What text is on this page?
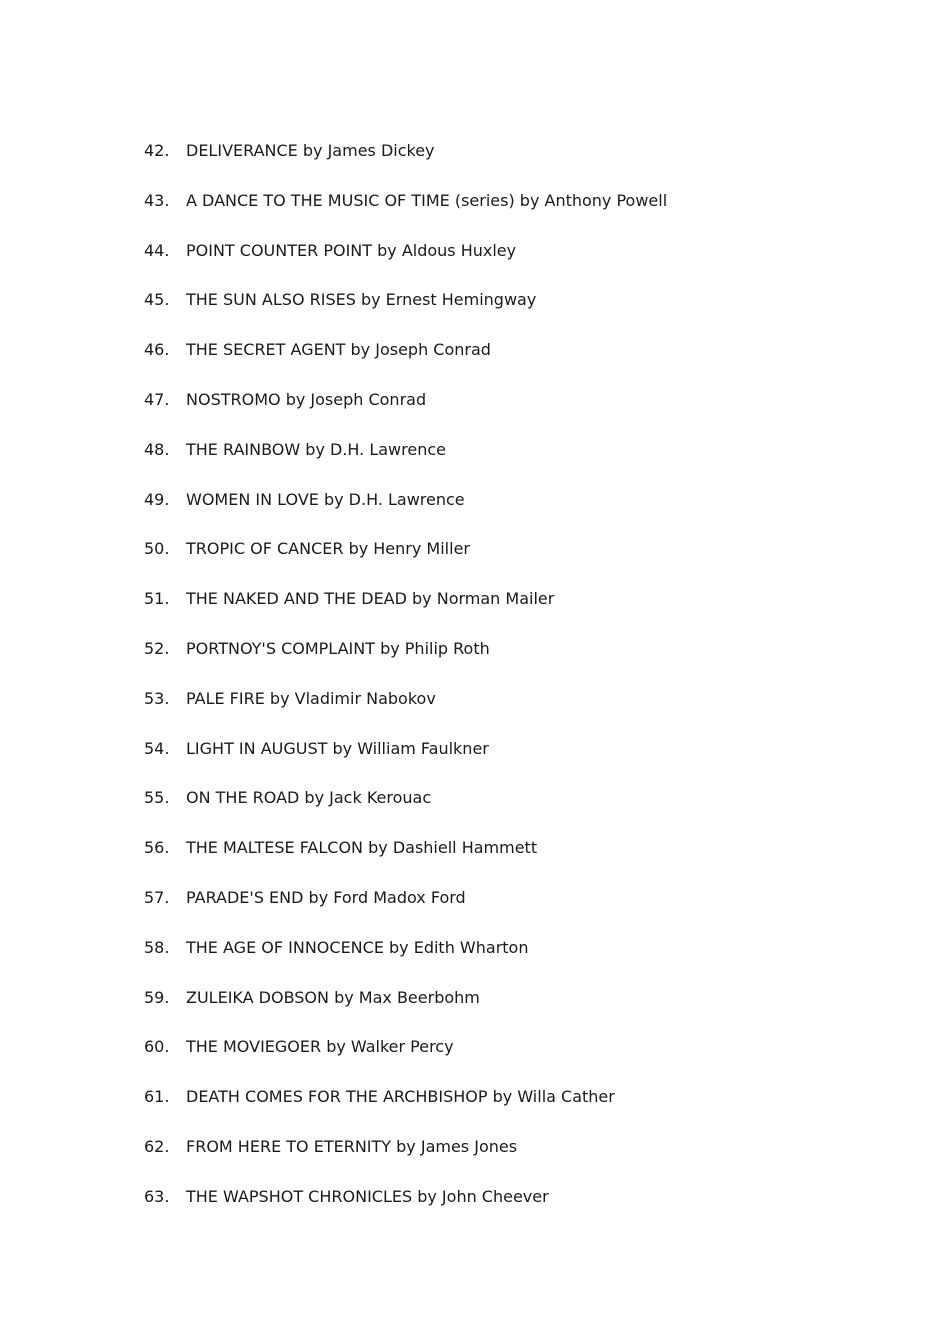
42.	DELIVERANCE by James Dickey
43.	A DANCE TO THE MUSIC OF TIME (series) by Anthony Powell
44.	POINT COUNTER POINT by Aldous Huxley
45.	THE SUN ALSO RISES by Ernest Hemingway
46.	THE SECRET AGENT by Joseph Conrad
47.	NOSTROMO by Joseph Conrad
48.	THE RAINBOW by D.H. Lawrence
49.	WOMEN IN LOVE by D.H. Lawrence
50.	TROPIC OF CANCER by Henry Miller
51.	THE NAKED AND THE DEAD by Norman Mailer
52.	PORTNOY'S COMPLAINT by Philip Roth
53.	PALE FIRE by Vladimir Nabokov
54.	LIGHT IN AUGUST by William Faulkner
55.	ON THE ROAD by Jack Kerouac
56.	THE MALTESE FALCON by Dashiell Hammett
57.	PARADE'S END by Ford Madox Ford
58.	THE AGE OF INNOCENCE by Edith Wharton
59.	ZULEIKA DOBSON by Max Beerbohm
60.	THE MOVIEGOER by Walker Percy
61.	DEATH COMES FOR THE ARCHBISHOP by Willa Cather
62.	FROM HERE TO ETERNITY by James Jones
63.	THE WAPSHOT CHRONICLES by John Cheever
